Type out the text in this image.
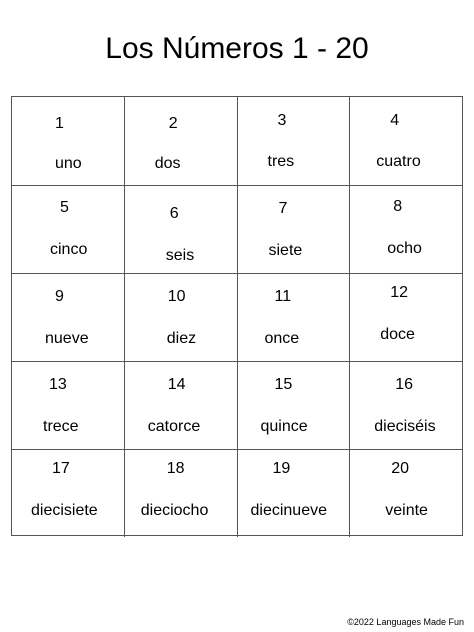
Los Números 1 - 20
1
uno
2
dos
3
tres
4
cuatro
5
cinco
6
seis
7
siete
8
ocho
9
nueve
10
diez
11
once
12
doce
13
trece
14
catorce
15
quince
16
dieciséis
17
diecisiete
18
dieciocho
19
diecinueve
20
veinte
©2022 Languages Made Fun
